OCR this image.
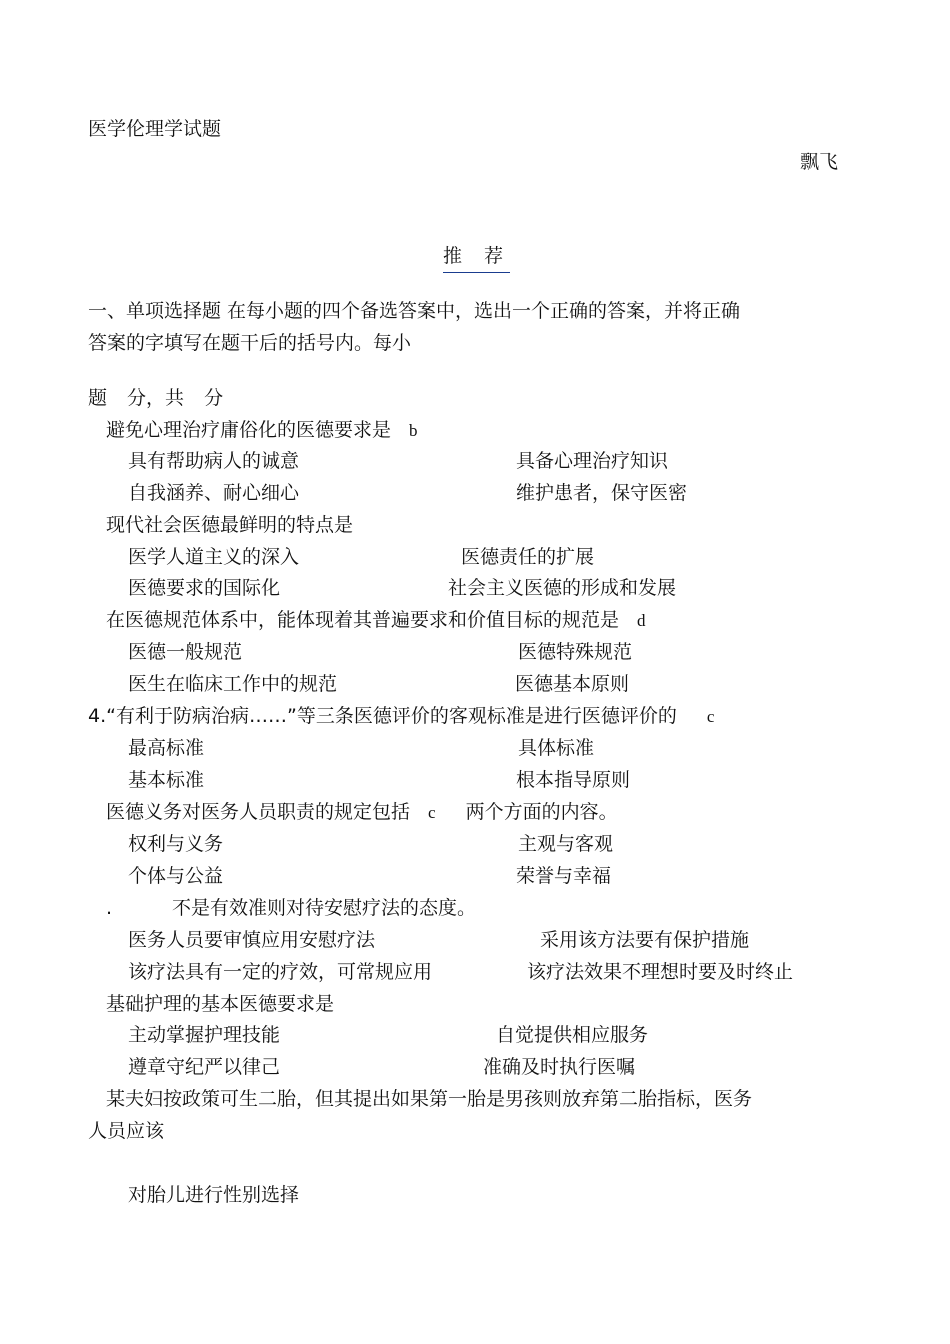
医学伦理学试题
飘飞
推 荐
一、单项选择题 在每小题的四个备选答案中，选出一个正确的答案，并将正确
答案的字填写在题干后的括号内。每小
题 分，共 分
避免心理治疗庸俗化的医德要求是 b
具有帮助病人的诚意	具备心理治疗知识
自我涵养、耐心细心	维护患者，保守医密
现代社会医德最鲜明的特点是
医学人道主义的深入	医德责任的扩展
医德要求的国际化	社会主义医德的形成和发展
在医德规范体系中，能体现着其普遍要求和价值目标的规范是 d
医德一般规范	医德特殊规范
医生在临床工作中的规范	医德基本原则
4.“有利于防病治病……”等三条医德评价的客观标准是进行医德评价的 c
最高标准	具体标准
基本标准	根本指导原则
医德义务对医务人员职责的规定包括 c 两个方面的内容。
权利与义务	主观与客观
个体与公益	荣誉与幸福
.	不是有效准则对待安慰疗法的态度。
医务人员要审慎应用安慰疗法	采用该方法要有保护措施
该疗法具有一定的疗效，可常规应用	该疗法效果不理想时要及时终止
基础护理的基本医德要求是
主动掌握护理技能	自觉提供相应服务
遵章守纪严以律己	准确及时执行医嘱
某夫妇按政策可生二胎，但其提出如果第一胎是男孩则放弃第二胎指标，医务
人员应该
对胎儿进行性别选择
